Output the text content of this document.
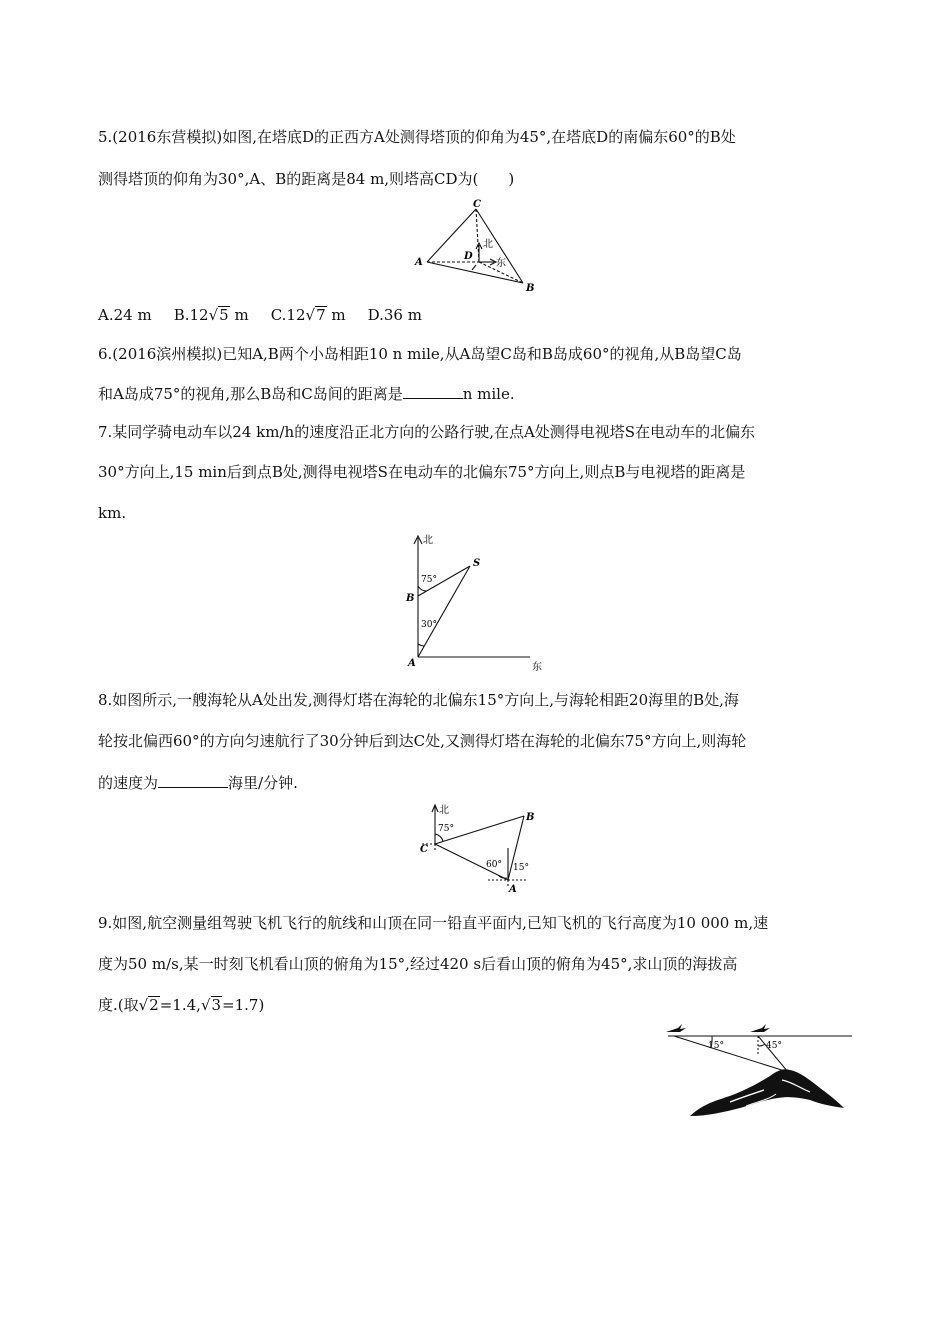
5.(2016东营模拟)如图,在塔底D的正西方A处测得塔顶的仰角为45°,在塔底D的南偏东60°的B处
测得塔顶的仰角为30°,A、B的距离是84 m,则塔高CD为(　　)
C
A
D
B
北
东
A.24 m B.12√5 m C.12√7 m D.36 m
6.(2016滨州模拟)已知A,B两个小岛相距10 n mile,从A岛望C岛和B岛成60°的视角,从B岛望C岛
和A岛成75°的视角,那么B岛和C岛间的距离是	n mile.
7.某同学骑电动车以24 km/h的速度沿正北方向的公路行驶,在点A处测得电视塔S在电动车的北偏东
30°方向上,15 min后到点B处,测得电视塔S在电动车的北偏东75°方向上,则点B与电视塔的距离是
km.
北
东
S
B
A
75°
30°
8.如图所示,一艘海轮从A处出发,测得灯塔在海轮的北偏东15°方向上,与海轮相距20海里的B处,海
轮按北偏西60°的方向匀速航行了30分钟后到达C处,又测得灯塔在海轮的北偏东75°方向上,则海轮
的速度为	海里/分钟.
北
B
C
A
75°
60° 15°
9.如图,航空测量组驾驶飞机飞行的航线和山顶在同一铅直平面内,已知飞机的飞行高度为10 000 m,速
度为50 m/s,某一时刻飞机看山顶的俯角为15°,经过420 s后看山顶的俯角为45°,求山顶的海拔高
度.(取√2=1.4,√3=1.7)
15°	45°
